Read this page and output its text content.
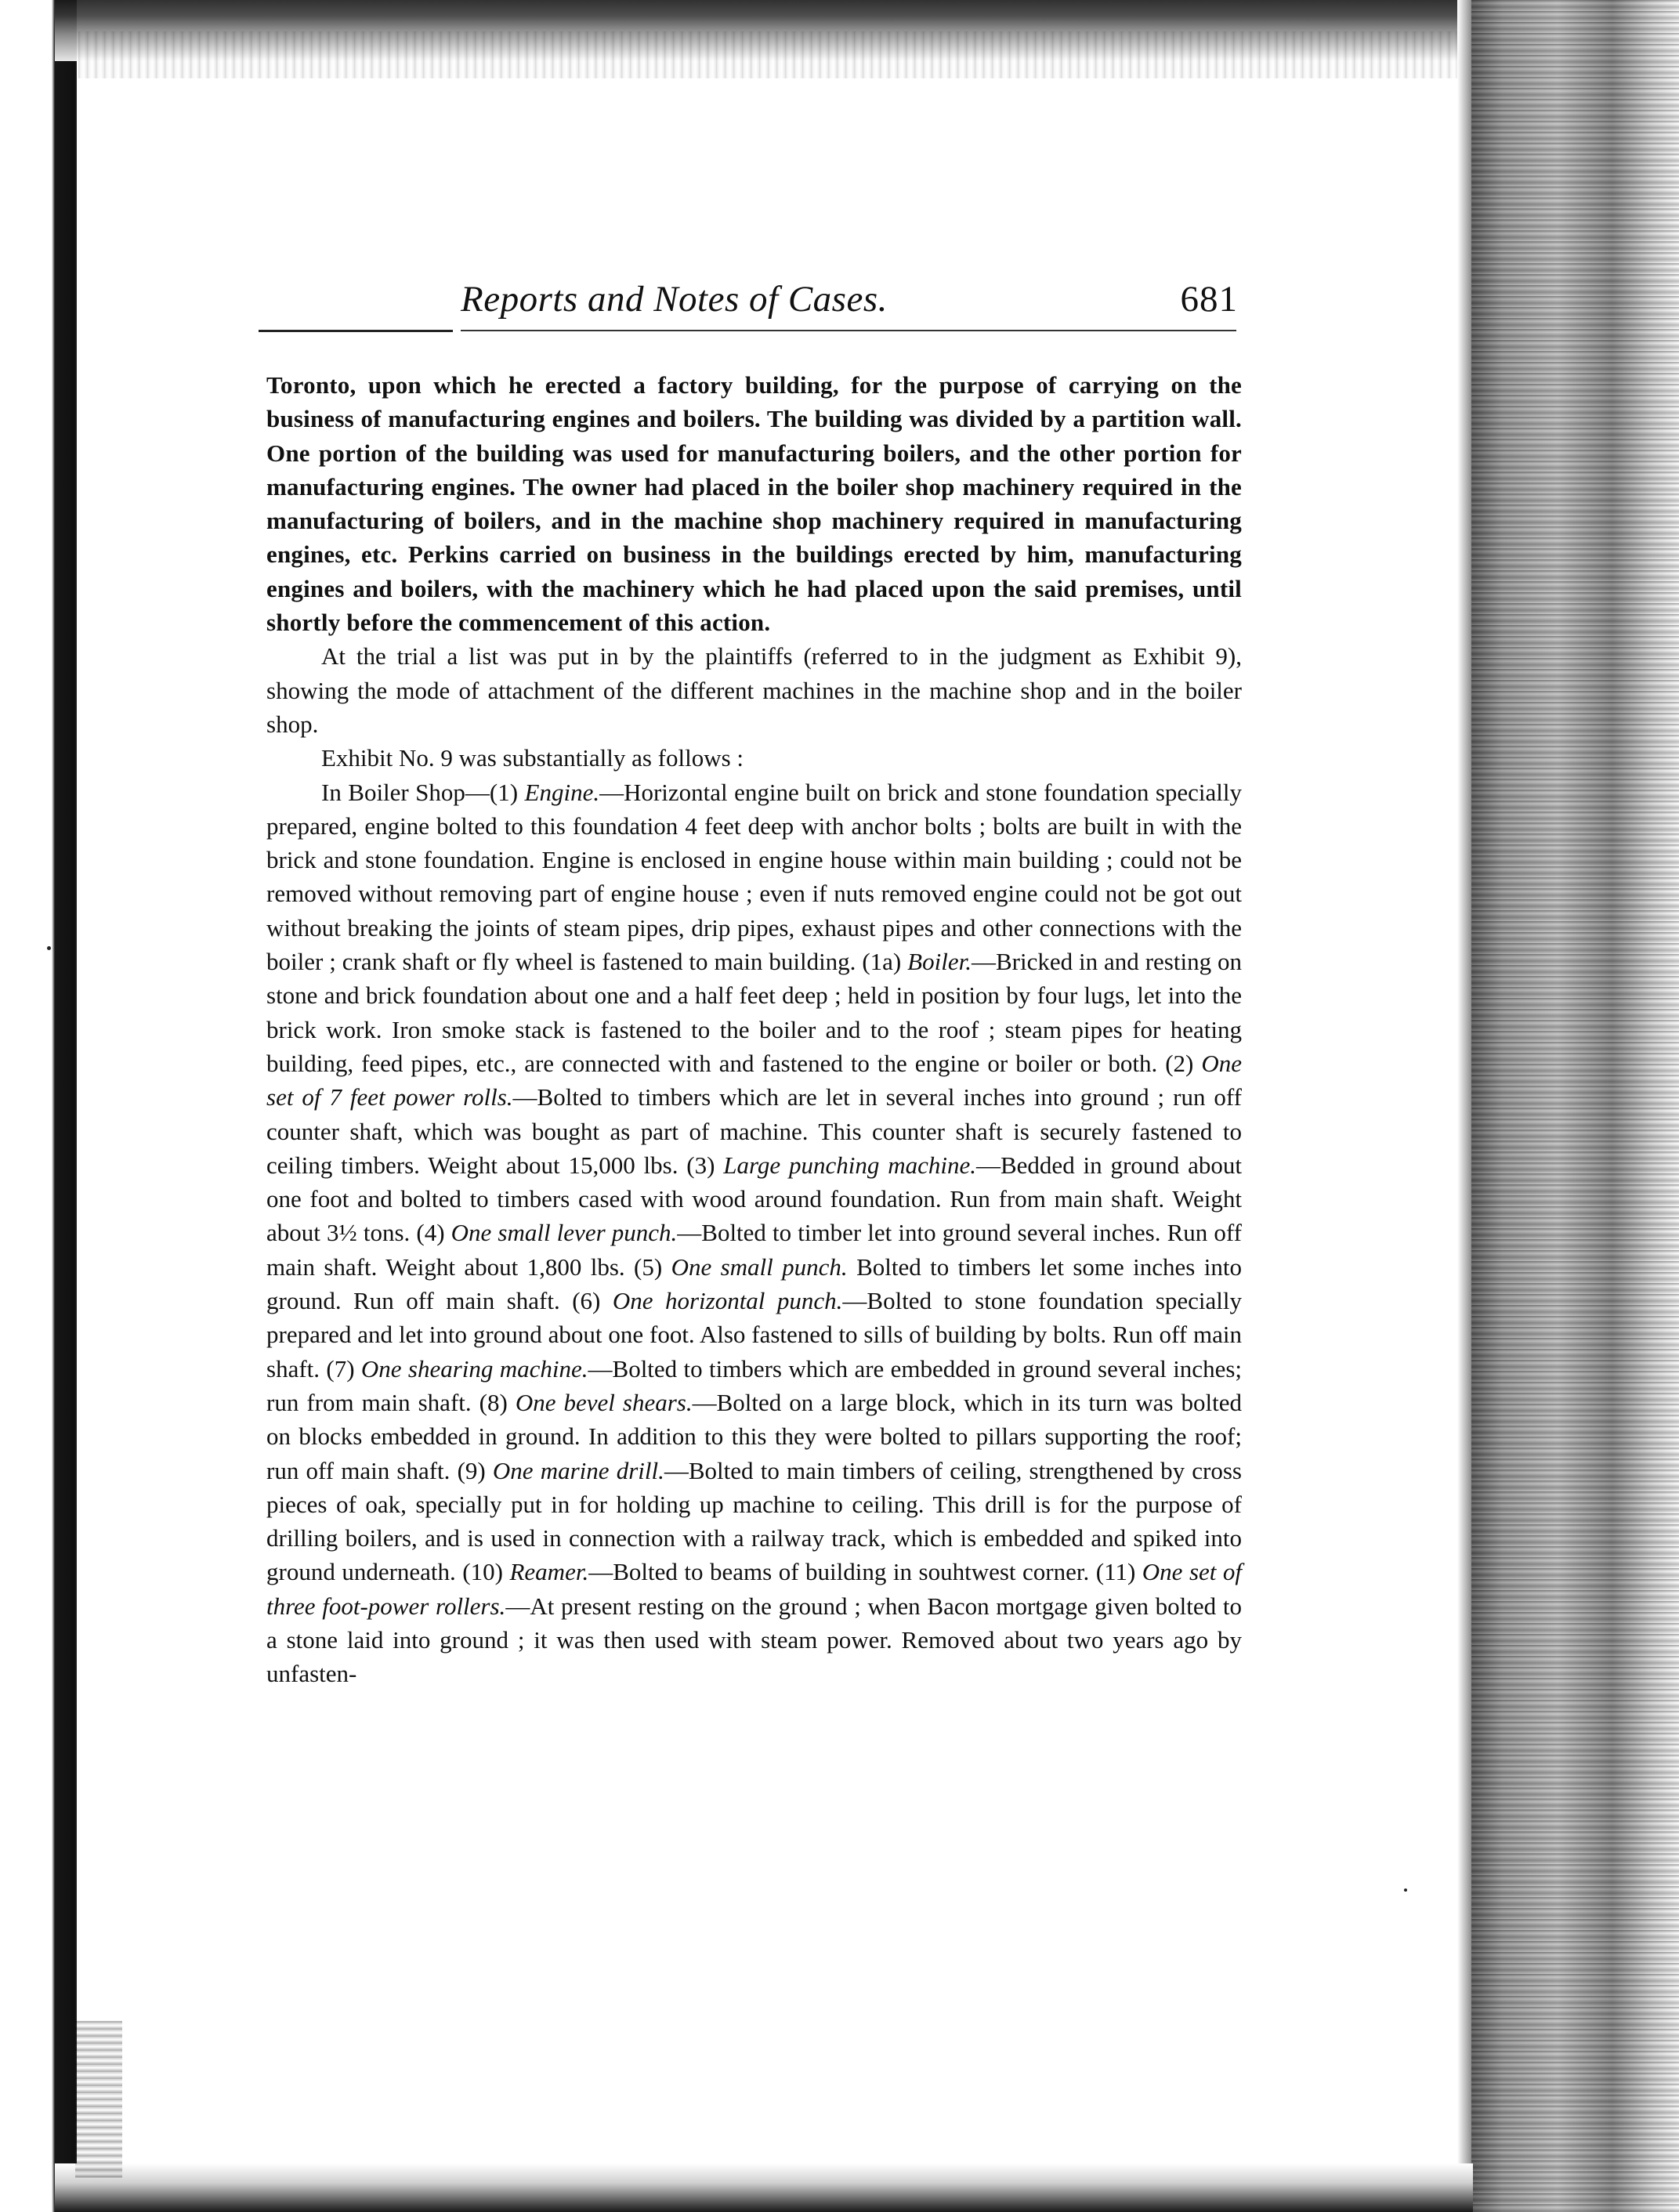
Reports and Notes of Cases.	681

Toronto, upon which he erected a factory building, for the purpose of carrying on the business of manufacturing engines and boilers. The building was divided by a partition wall. One portion of the building was used for manufacturing boilers, and the other portion for manufacturing engines. The owner had placed in the boiler shop machinery required in the manufacturing of boilers, and in the machine shop machinery required in manufacturing engines, etc. Perkins carried on business in the buildings erected by him, manufacturing engines and boilers, with the machinery which he had placed upon the said premises, until shortly before the commencement of this action.

At the trial a list was put in by the plaintiffs (referred to in the judgment as Exhibit 9), showing the mode of attachment of the different machines in the machine shop and in the boiler shop.

Exhibit No. 9 was substantially as follows :

In Boiler Shop—(1) Engine.—Horizontal engine built on brick and stone foundation specially prepared, engine bolted to this foundation 4 feet deep with anchor bolts ; bolts are built in with the brick and stone foundation. Engine is enclosed in engine house within main building ; could not be removed without removing part of engine house ; even if nuts removed engine could not be got out without breaking the joints of steam pipes, drip pipes, exhaust pipes and other connections with the boiler ; crank shaft or fly wheel is fastened to main building. (1a) Boiler.—Bricked in and resting on stone and brick foundation about one and a half feet deep ; held in position by four lugs, let into the brick work. Iron smoke stack is fastened to the boiler and to the roof ; steam pipes for heating building, feed pipes, etc., are connected with and fastened to the engine or boiler or both. (2) One set of 7 feet power rolls.—Bolted to timbers which are let in several inches into ground ; run off counter shaft, which was bought as part of machine. This counter shaft is securely fastened to ceiling timbers. Weight about 15,000 lbs. (3) Large punching machine.—Bedded in ground about one foot and bolted to timbers cased with wood around foundation. Run from main shaft. Weight about 3½ tons. (4) One small lever punch.—Bolted to timber let into ground several inches. Run off main shaft. Weight about 1,800 lbs. (5) One small punch. Bolted to timbers let some inches into ground. Run off main shaft. (6) One horizontal punch.—Bolted to stone foundation specially prepared and let into ground about one foot. Also fastened to sills of building by bolts. Run off main shaft. (7) One shearing machine.—Bolted to timbers which are embedded in ground several inches; run from main shaft. (8) One bevel shears.—Bolted on a large block, which in its turn was bolted on blocks embedded in ground. In addition to this they were bolted to pillars supporting the roof; run off main shaft. (9) One marine drill.—Bolted to main timbers of ceiling, strengthened by cross pieces of oak, specially put in for holding up machine to ceiling. This drill is for the purpose of drilling boilers, and is used in connection with a railway track, which is embedded and spiked into ground underneath. (10) Reamer.—Bolted to beams of building in souhtwest corner. (11) One set of three foot-power rollers.—At present resting on the ground ; when Bacon mortgage given bolted to a stone laid into ground ; it was then used with steam power. Removed about two years ago by unfasten-
